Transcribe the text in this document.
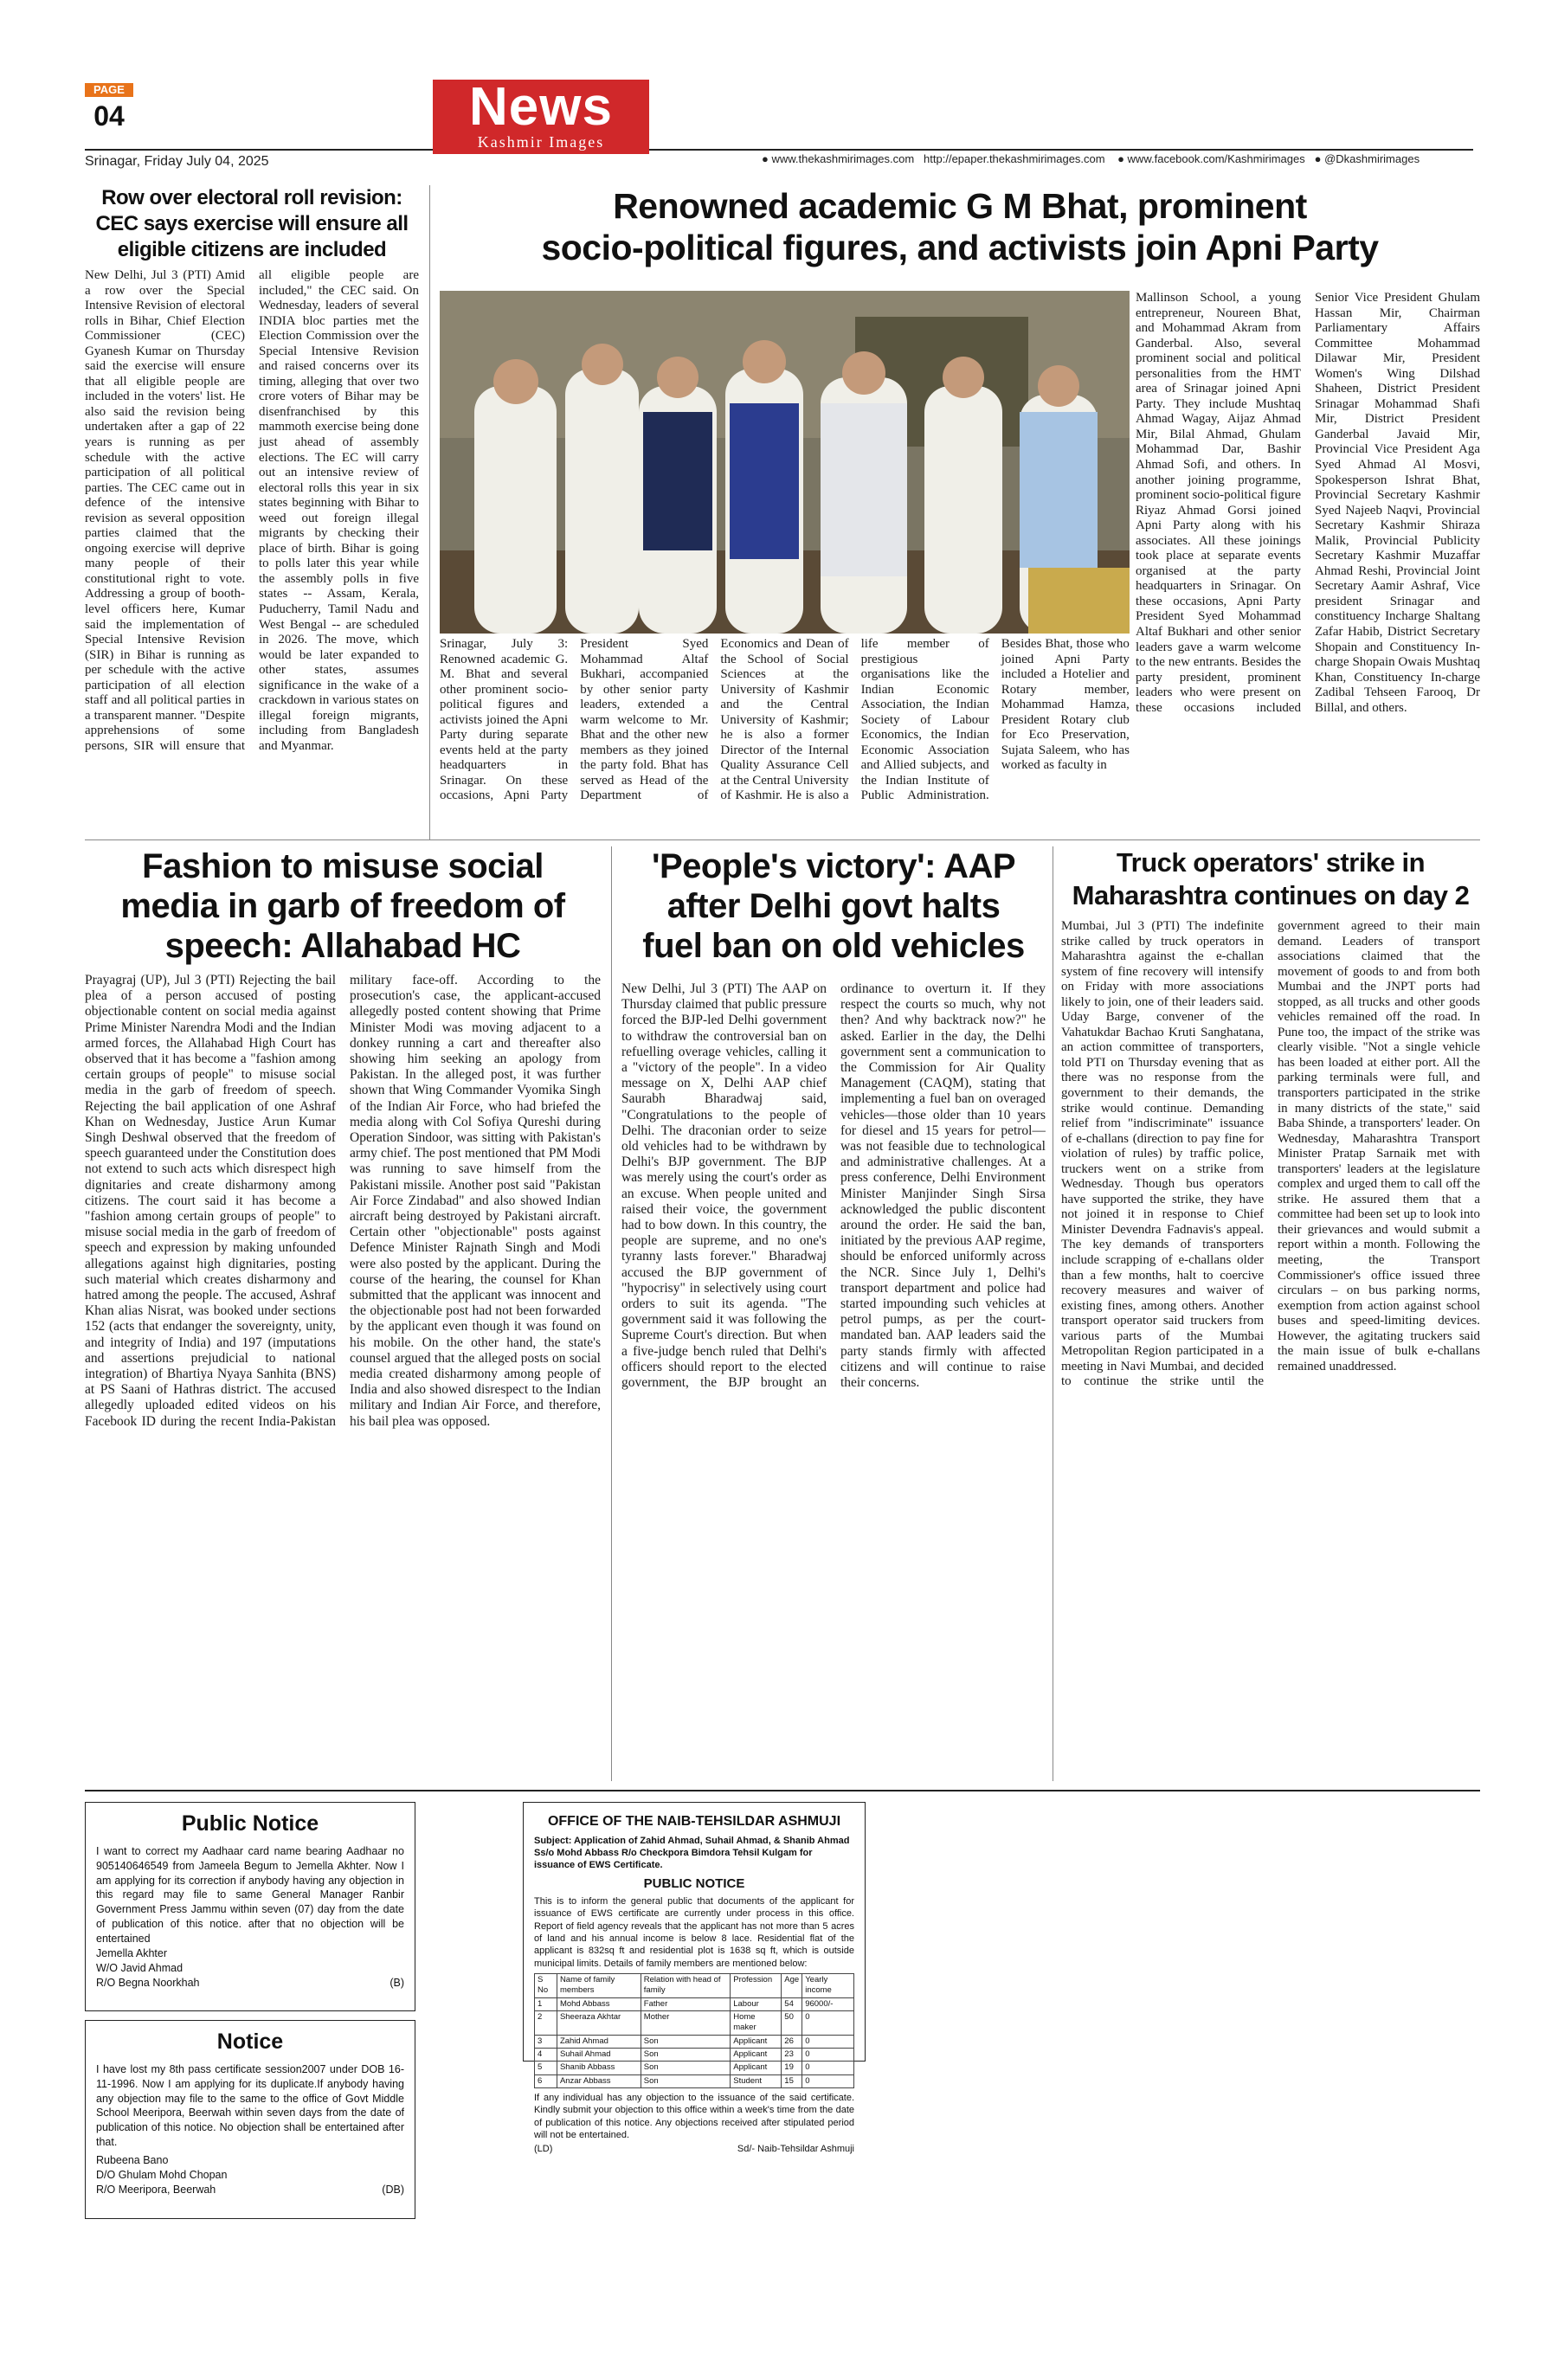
PAGE
04
Srinagar, Friday July 04, 2025
News
Kashmir Images
● www.thekashmirimages.com http://epaper.thekashmirimages.com ● www.facebook.com/Kashmirimages ● @Dkashmirimages
Row over electoral roll revision:
CEC says exercise will ensure all
eligible citizens are included
New Delhi, Jul 3 (PTI) Amid a row over the Special Intensive Revision of electoral rolls in Bihar, Chief Election Commissioner (CEC) Gyanesh Kumar on Thursday said the exercise will ensure that all eligible people are included in the voters' list. He also said the revision being undertaken after a gap of 22 years is running as per schedule with the active participation of all political parties. The CEC came out in defence of the intensive revision as several opposition parties claimed that the ongoing exercise will deprive many people of their constitutional right to vote. Addressing a group of booth-level officers here, Kumar said the implementation of Special Intensive Revision (SIR) in Bihar is running as per schedule with the active participation of all election staff and all political parties in a transparent manner. "Despite apprehensions of some persons, SIR will ensure that all eligible people are included," the CEC said. On Wednesday, leaders of several INDIA bloc parties met the Election Commission over the Special Intensive Revision and raised concerns over its timing, alleging that over two crore voters of Bihar may be disenfranchised by this mammoth exercise being done just ahead of assembly elections. The EC will carry out an intensive review of electoral rolls this year in six states beginning with Bihar to weed out foreign illegal migrants by checking their place of birth. Bihar is going to polls later this year while the assembly polls in five states -- Assam, Kerala, Puducherry, Tamil Nadu and West Bengal -- are scheduled in 2026. The move, which would be later expanded to other states, assumes significance in the wake of a crackdown in various states on illegal foreign migrants, including from Bangladesh and Myanmar.
Renowned academic G M Bhat, prominent
socio-political figures, and activists join Apni Party
Srinagar, July 3: Renowned academic G. M. Bhat and several other prominent socio-political figures and activists joined the Apni Party during separate events held at the party headquarters in Srinagar. On these occasions, Apni Party President Syed Mohammad Altaf Bukhari, accompanied by other senior party leaders, extended a warm welcome to Mr. Bhat and the other new members as they joined the party fold. Bhat has served as Head of the Department of Economics and Dean of the School of Social Sciences at the University of Kashmir and the Central University of Kashmir; he is also a former Director of the Internal Quality Assurance Cell at the Central University of Kashmir. He is also a life member of prestigious organisations like the Indian Economic Association, the Indian Society of Labour Economics, the Indian Economic Association and Allied subjects, and the Indian Institute of Public Administration. Besides Bhat, those who joined Apni Party included a Hotelier and Rotary member, Mohammad Hamza, President Rotary club for Eco Preservation, Sujata Saleem, who has worked as faculty in
Mallinson School, a young entrepreneur, Noureen Bhat, and Mohammad Akram from Ganderbal. Also, several prominent social and political personalities from the HMT area of Srinagar joined Apni Party. They include Mushtaq Ahmad Wagay, Aijaz Ahmad Mir, Bilal Ahmad, Ghulam Mohammad Dar, Bashir Ahmad Sofi, and others. In another joining programme, prominent socio-political figure Riyaz Ahmad Gorsi joined Apni Party along with his associates. All these joinings took place at separate events organised at the party headquarters in Srinagar. On these occasions, Apni Party President Syed Mohammad Altaf Bukhari and other senior leaders gave a warm welcome to the new entrants. Besides the party president, prominent leaders who were present on these occasions included Senior Vice President Ghulam Hassan Mir, Chairman Parliamentary Affairs Committee Mohammad Dilawar Mir, President Women's Wing Dilshad Shaheen, District President Srinagar Mohammad Shafi Mir, District President Ganderbal Javaid Mir, Provincial Vice President Aga Syed Ahmad Al Mosvi, Spokesperson Ishrat Bhat, Provincial Secretary Kashmir Syed Najeeb Naqvi, Provincial Secretary Kashmir Shiraza Malik, Provincial Publicity Secretary Kashmir Muzaffar Ahmad Reshi, Provincial Joint Secretary Aamir Ashraf, Vice president Srinagar and constituency Incharge Shaltang Zafar Habib, District Secretary Shopain and Constituency In-charge Shopain Owais Mushtaq Khan, Constituency In-charge Zadibal Tehseen Farooq, Dr Billal, and others.
Fashion to misuse social
media in garb of freedom of
speech: Allahabad HC
Prayagraj (UP), Jul 3 (PTI) Rejecting the bail plea of a person accused of posting objectionable content on social media against Prime Minister Narendra Modi and the Indian armed forces, the Allahabad High Court has observed that it has become a "fashion among certain groups of people" to misuse social media in the garb of freedom of speech. Rejecting the bail application of one Ashraf Khan on Wednesday, Justice Arun Kumar Singh Deshwal observed that the freedom of speech guaranteed under the Constitution does not extend to such acts which disrespect high dignitaries and create disharmony among citizens. The court said it has become a "fashion among certain groups of people" to misuse social media in the garb of freedom of speech and expression by making unfounded allegations against high dignitaries, posting such material which creates disharmony and hatred among the people. The accused, Ashraf Khan alias Nisrat, was booked under sections 152 (acts that endanger the sovereignty, unity, and integrity of India) and 197 (imputations and assertions prejudicial to national integration) of Bhartiya Nyaya Sanhita (BNS) at PS Saani of Hathras district. The accused allegedly uploaded edited videos on his Facebook ID during the recent India-Pakistan military face-off. According to the prosecution's case, the applicant-accused allegedly posted content showing that Prime Minister Modi was moving adjacent to a donkey running a cart and thereafter also showing him seeking an apology from Pakistan. In the alleged post, it was further shown that Wing Commander Vyomika Singh of the Indian Air Force, who had briefed the media along with Col Sofiya Qureshi during Operation Sindoor, was sitting with Pakistan's army chief. The post mentioned that PM Modi was running to save himself from the Pakistani missile. Another post said "Pakistan Air Force Zindabad" and also showed Indian aircraft being destroyed by Pakistani aircraft. Certain other "objectionable" posts against Defence Minister Rajnath Singh and Modi were also posted by the applicant. During the course of the hearing, the counsel for Khan submitted that the applicant was innocent and the objectionable post had not been forwarded by the applicant even though it was found on his mobile. On the other hand, the state's counsel argued that the alleged posts on social media created disharmony among people of India and also showed disrespect to the Indian military and Indian Air Force, and therefore, his bail plea was opposed.
'People's victory': AAP
after Delhi govt halts
fuel ban on old vehicles
New Delhi, Jul 3 (PTI) The AAP on Thursday claimed that public pressure forced the BJP-led Delhi government to withdraw the controversial ban on refuelling overage vehicles, calling it a "victory of the people". In a video message on X, Delhi AAP chief Saurabh Bharadwaj said, "Congratulations to the people of Delhi. The draconian order to seize old vehicles had to be withdrawn by Delhi's BJP government. The BJP was merely using the court's order as an excuse. When people united and raised their voice, the government had to bow down. In this country, the people are supreme, and no one's tyranny lasts forever." Bharadwaj accused the BJP government of "hypocrisy" in selectively using court orders to suit its agenda. "The government said it was following the Supreme Court's direction. But when a five-judge bench ruled that Delhi's officers should report to the elected government, the BJP brought an ordinance to overturn it. If they respect the courts so much, why not then? And why backtrack now?" he asked. Earlier in the day, the Delhi government sent a communication to the Commission for Air Quality Management (CAQM), stating that implementing a fuel ban on overaged vehicles—those older than 10 years for diesel and 15 years for petrol—was not feasible due to technological and administrative challenges. At a press conference, Delhi Environment Minister Manjinder Singh Sirsa acknowledged the public discontent around the order. He said the ban, initiated by the previous AAP regime, should be enforced uniformly across the NCR. Since July 1, Delhi's transport department and police had started impounding such vehicles at petrol pumps, as per the court-mandated ban. AAP leaders said the party stands firmly with affected citizens and will continue to raise their concerns.
Truck operators' strike in
Maharashtra continues on day 2
Mumbai, Jul 3 (PTI) The indefinite strike called by truck operators in Maharashtra against the e-challan system of fine recovery will intensify on Friday with more associations likely to join, one of their leaders said. Uday Barge, convener of the Vahatukdar Bachao Kruti Sanghatana, an action committee of transporters, told PTI on Thursday evening that as there was no response from the government to their demands, the strike would continue. Demanding relief from "indiscriminate" issuance of e-challans (direction to pay fine for violation of rules) by traffic police, truckers went on a strike from Wednesday. Though bus operators have supported the strike, they have not joined it in response to Chief Minister Devendra Fadnavis's appeal. The key demands of transporters include scrapping of e-challans older than a few months, halt to coercive recovery measures and waiver of existing fines, among others. Another transport operator said truckers from various parts of the Mumbai Metropolitan Region participated in a meeting in Navi Mumbai, and decided to continue the strike until the government agreed to their main demand. Leaders of transport associations claimed that the movement of goods to and from both Mumbai and the JNPT ports had stopped, as all trucks and other goods vehicles remained off the road. In Pune too, the impact of the strike was clearly visible. "Not a single vehicle has been loaded at either port. All the parking terminals were full, and transporters participated in the strike in many districts of the state," said Baba Shinde, a transporters' leader. On Wednesday, Maharashtra Transport Minister Pratap Sarnaik met with transporters' leaders at the legislature complex and urged them to call off the strike. He assured them that a committee had been set up to look into their grievances and would submit a report within a month. Following the meeting, the Transport Commissioner's office issued three circulars – on bus parking norms, exemption from action against school buses and speed-limiting devices. However, the agitating truckers said the main issue of bulk e-challans remained unaddressed.
Public Notice
I want to correct my Aadhaar card name bearing Aadhaar no 905140646549 from Jameela Begum to Jemella Akhter. Now I am applying for its correction if anybody having any objection in this regard may file to same General Manager Ranbir Government Press Jammu within seven (07) day from the date of publication of this notice. after that no objection will be entertained
Jemella Akhter
W/O Javid Ahmad
R/O Begna Noorkhah	(B)
Notice
I have lost my 8th pass certificate session2007 under DOB 16-11-1996. Now I am applying for its duplicate.If anybody having any objection may file to the same to the office of Govt Middle School Meeripora, Beerwah within seven days from the date of publication of this notice. No objection shall be entertained after that.
Rubeena Bano
D/O Ghulam Mohd Chopan
R/O Meeripora, Beerwah	(DB)
OFFICE OF THE NAIB-TEHSILDAR ASHMUJI
Subject: Application of Zahid Ahmad, Suhail Ahmad, & Shanib Ahmad Ss/o Mohd Abbass R/o Checkpora Bimdora Tehsil Kulgam for issuance of EWS Certificate.
PUBLIC NOTICE
This is to inform the general public that documents of the applicant for issuance of EWS certificate are currently under process in this office. Report of field agency reveals that the applicant has not more than 5 acres of land and his annual income is below 8 lace. Residential flat of the applicant is 832sq ft and residential plot is 1638 sq ft, which is outside municipal limits. Details of family members are mentioned below:
S No	Name of family members	Relation with head of family	Profession	Age	Yearly income
1	Mohd Abbass	Father	Labour	54	96000/-
2	Sheeraza Akhtar	Mother	Home maker	50	0
3	Zahid Ahmad	Son	Applicant	26	0
4	Suhail Ahmad	Son	Applicant	23	0
5	Shanib Abbass	Son	Applicant	19	0
6	Anzar Abbass	Son	Student	15	0
If any individual has any objection to the issuance of the said certificate. Kindly submit your objection to this office within a week's time from the date of publication of this notice. Any objections received after stipulated period will not be entertained.
(LD)	Sd/- Naib-Tehsildar Ashmuji
